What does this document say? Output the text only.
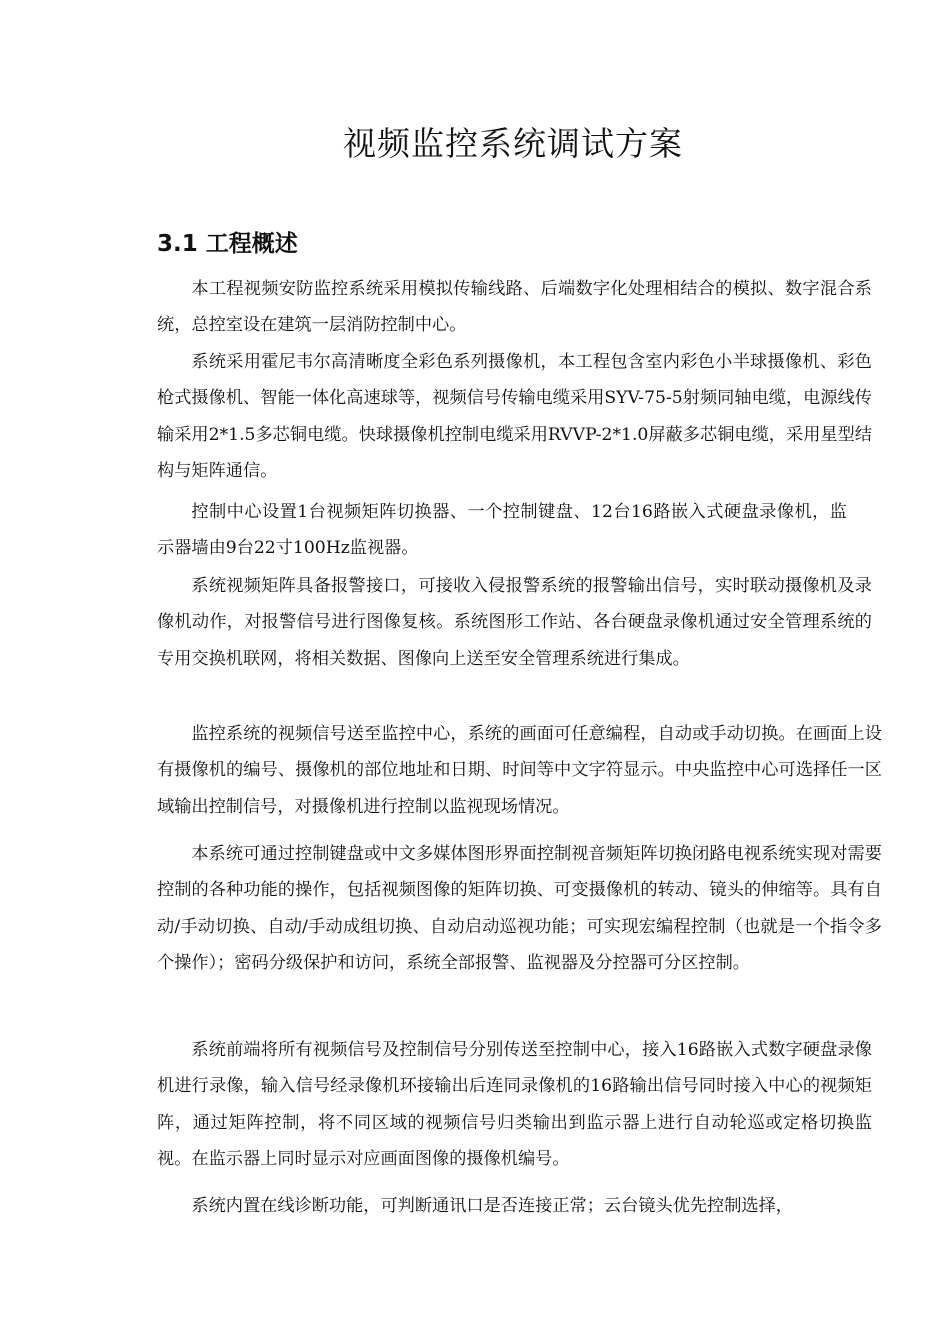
视频监控系统调试方案
3.1 工程概述

本工程视频安防监控系统采用模拟传输线路、后端数字化处理相结合的模拟、数字混合系统，总控室设在建筑一层消防控制中心。

系统采用霍尼韦尔高清晰度全彩色系列摄像机，本工程包含室内彩色小半球摄像机、彩色枪式摄像机、智能一体化高速球等，视频信号传输电缆采用SYV-75-5射频同轴电缆，电源线传输采用2*1.5多芯铜电缆。快球摄像机控制电缆采用RVVP-2*1.0屏蔽多芯铜电缆，采用星型结构与矩阵通信。

控制中心设置1台视频矩阵切换器、一个控制键盘、12台16路嵌入式硬盘录像机，监示器墙由9台22寸100Hz监视器。

系统视频矩阵具备报警接口，可接收入侵报警系统的报警输出信号，实时联动摄像机及录像机动作，对报警信号进行图像复核。系统图形工作站、各台硬盘录像机通过安全管理系统的专用交换机联网，将相关数据、图像向上送至安全管理系统进行集成。

监控系统的视频信号送至监控中心，系统的画面可任意编程，自动或手动切换。在画面上设有摄像机的编号、摄像机的部位地址和日期、时间等中文字符显示。中央监控中心可选择任一区域输出控制信号，对摄像机进行控制以监视现场情况。

本系统可通过控制键盘或中文多媒体图形界面控制视音频矩阵切换闭路电视系统实现对需要控制的各种功能的操作，包括视频图像的矩阵切换、可变摄像机的转动、镜头的伸缩等。具有自动/手动切换、自动/手动成组切换、自动启动巡视功能；可实现宏编程控制（也就是一个指令多个操作）；密码分级保护和访问，系统全部报警、监视器及分控器可分区控制。

系统前端将所有视频信号及控制信号分别传送至控制中心，接入16路嵌入式数字硬盘录像机进行录像，输入信号经录像机环接输出后连同录像机的16路输出信号同时接入中心的视频矩阵，通过矩阵控制，将不同区域的视频信号归类输出到监示器上进行自动轮巡或定格切换监视。在监示器上同时显示对应画面图像的摄像机编号。

系统内置在线诊断功能，可判断通讯口是否连接正常；云台镜头优先控制选择，
